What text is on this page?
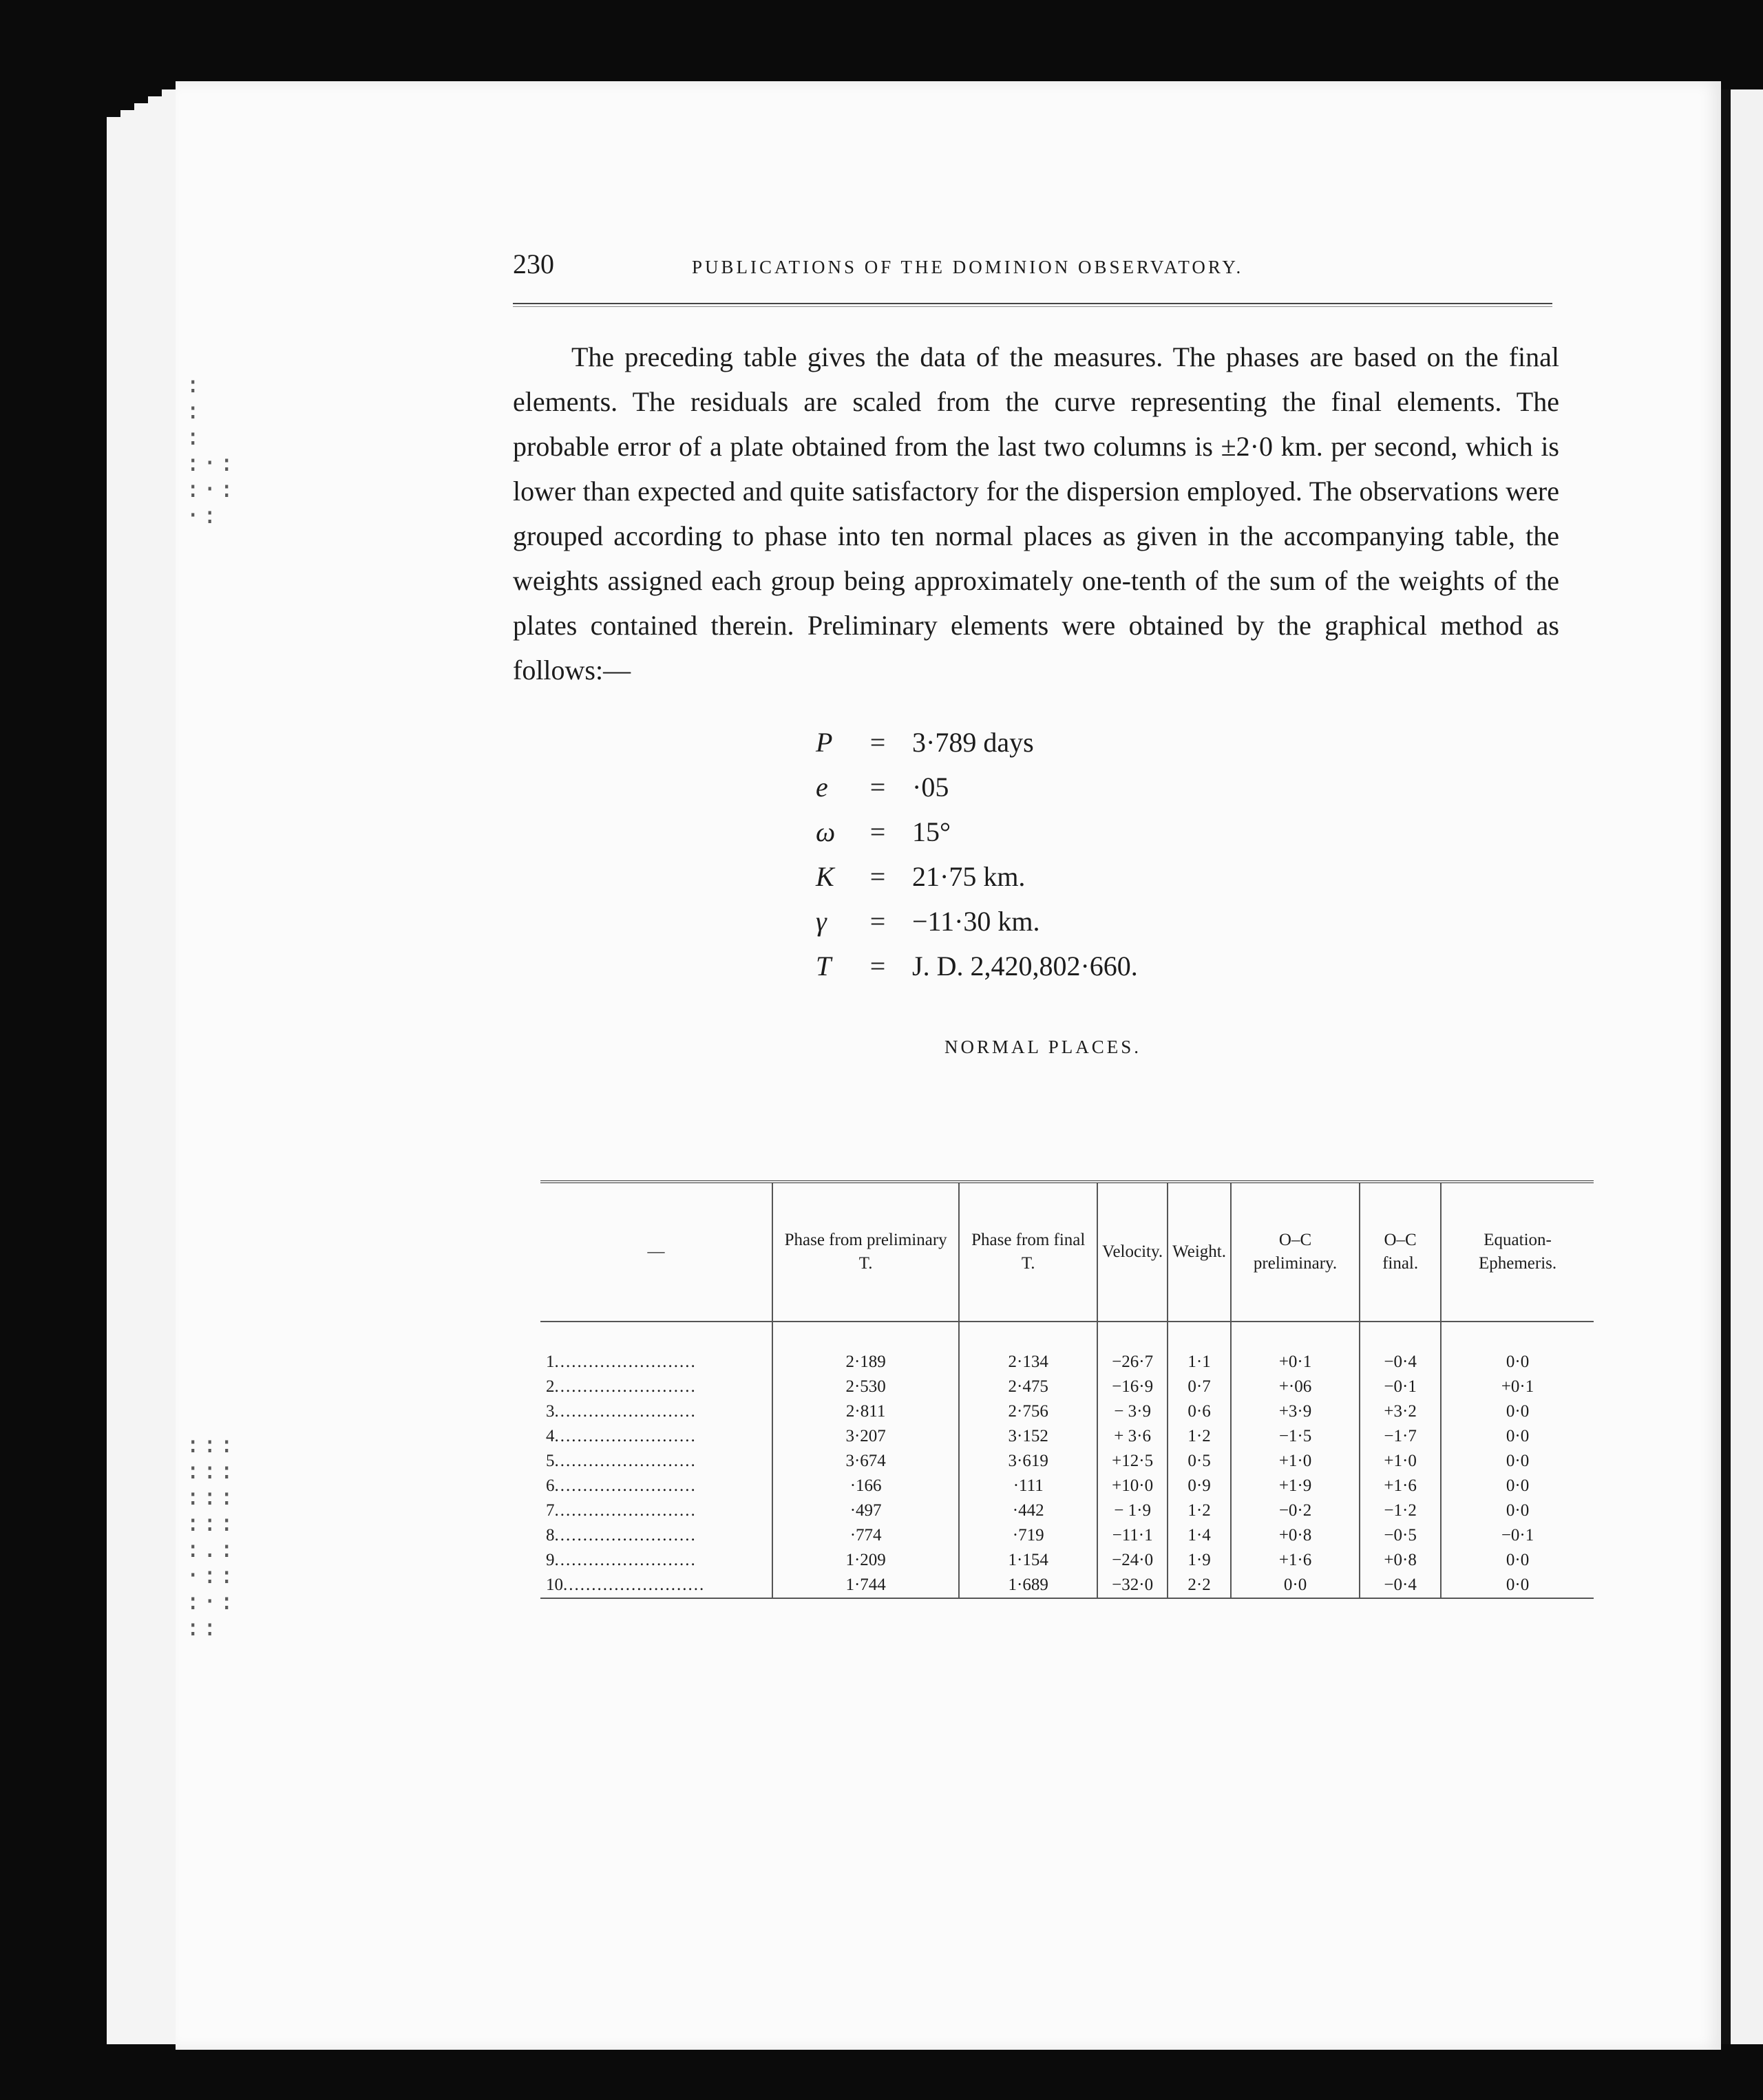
:
:
:
:·:
:·:
·:
:::
:::
:::
:::
:.:
·::
:·:
::
230	PUBLICATIONS OF THE DOMINION OBSERVATORY.

The preceding table gives the data of the measures. The phases are based on the final elements. The residuals are scaled from the curve representing the final elements. The probable error of a plate obtained from the last two columns is ±2·0 km. per second, which is lower than expected and quite satisfactory for the dispersion employed. The observations were grouped according to phase into ten normal places as given in the accompanying table, the weights assigned each group being approximately one-tenth of the sum of the weights of the plates contained therein. Preliminary elements were obtained by the graphical method as follows:—

P	= 3·789 days
e	= ·05
ω	= 15°
K	= 21·75 km.
γ	= −11·30 km.
T	= J. D. 2,420,802·660.
NORMAL PLACES.
—	Phase from preliminary T.	Phase from final T.	Velocity.	Weight.	O–C preliminary.	O–C final.	Equation-Ephemeris.

1.........................	2·189	2·134	−26·7	1·1	+0·1	−0·4	0·0
2.........................	2·530	2·475	−16·9	0·7	+·06	−0·1	+0·1
3.........................	2·811	2·756	− 3·9	0·6	+3·9	+3·2	0·0
4.........................	3·207	3·152	+ 3·6	1·2	−1·5	−1·7	0·0
5.........................	3·674	3·619	+12·5	0·5	+1·0	+1·0	0·0
6.........................	·166	·111	+10·0	0·9	+1·9	+1·6	0·0
7.........................	·497	·442	− 1·9	1·2	−0·2	−1·2	0·0
8.........................	·774	·719	−11·1	1·4	+0·8	−0·5	−0·1
9.........................	1·209	1·154	−24·0	1·9	+1·6	+0·8	0·0
10.........................	1·744	1·689	−32·0	2·2	0·0	−0·4	0·0
